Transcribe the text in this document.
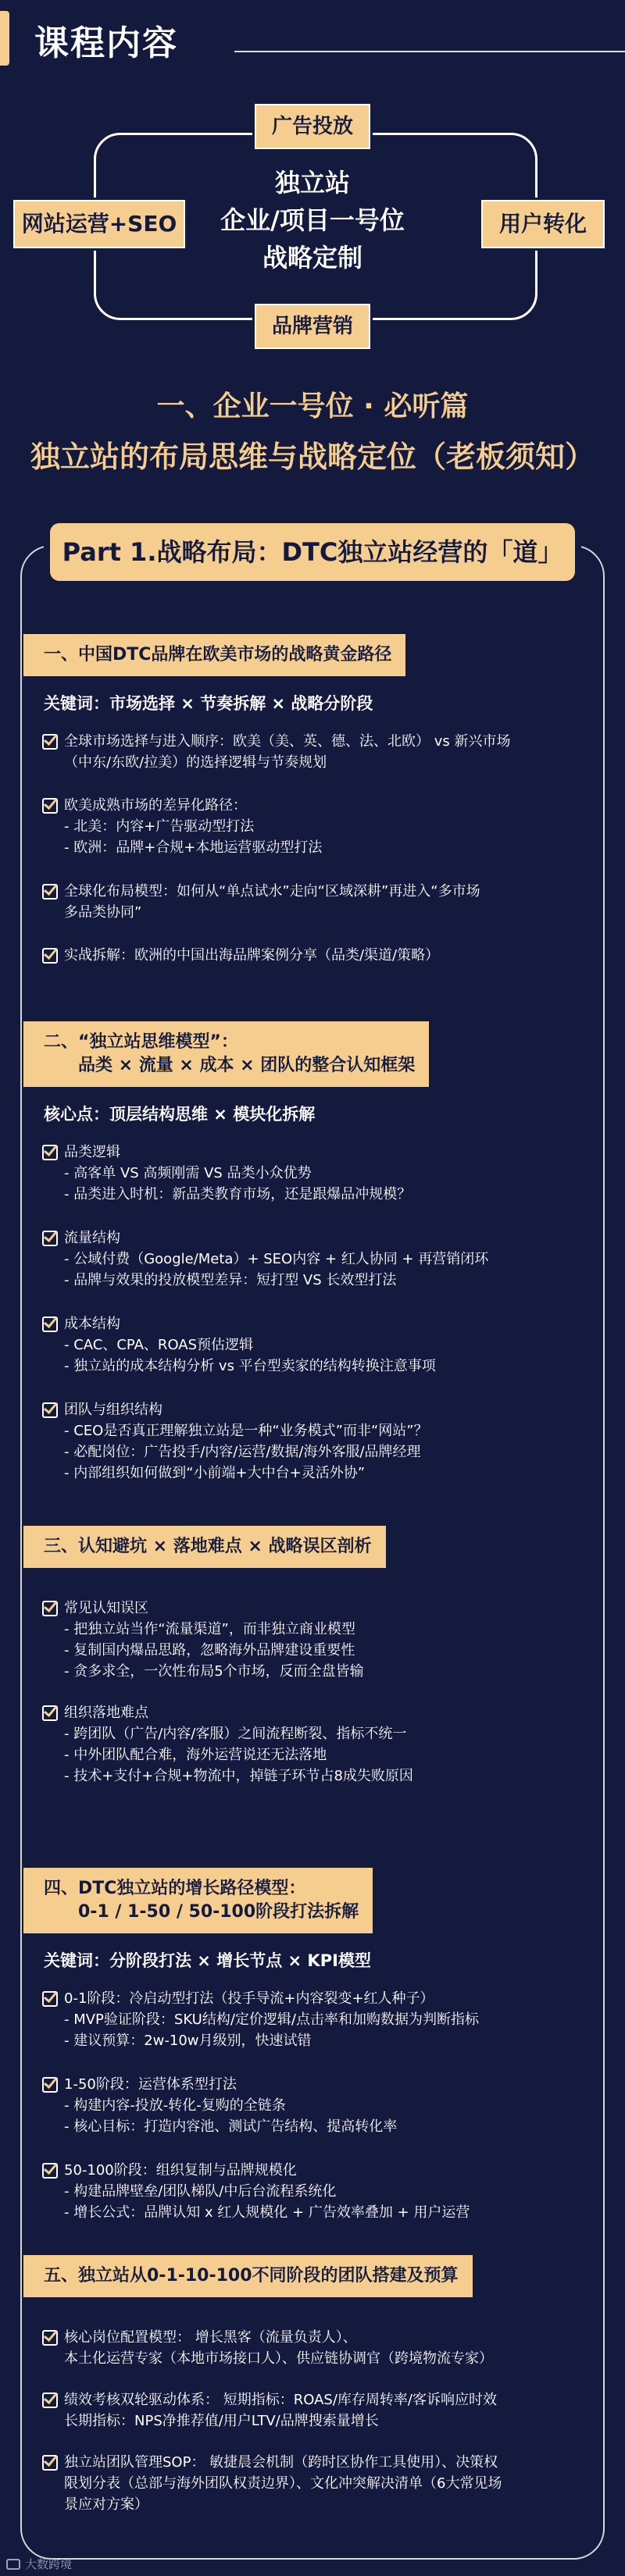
课程内容
广告投放
品牌营销
网站运营+SEO	用户转化
独立站
企业/项目一号位
战略定制
一、企业一号位 · 必听篇
独立站的布局思维与战略定位（老板须知）
Part 1.战略布局：DTC独立站经营的「道」
一、中国DTC品牌在欧美市场的战略黄金路径
关键词：市场选择 × 节奏拆解 × 战略分阶段
全球市场选择与进入顺序：欧美（美、英、德、法、北欧） vs 新兴市场
（中东/东欧/拉美）的选择逻辑与节奏规划
欧美成熟市场的差异化路径：
- 北美：内容+广告驱动型打法
- 欧洲：品牌+合规+本地运营驱动型打法
全球化布局模型：如何从“单点试水”走向“区域深耕”再进入“多市场
多品类协同”
实战拆解：欧洲的中国出海品牌案例分享（品类/渠道/策略）
二、“独立站思维模型”：
品类 × 流量 × 成本 × 团队的整合认知框架
核心点：顶层结构思维 × 模块化拆解
品类逻辑
- 高客单 VS 高频刚需 VS 品类小众优势
- 品类进入时机：新品类教育市场，还是跟爆品冲规模？
流量结构
- 公域付费（Google/Meta）+ SEO内容 + 红人协同 + 再营销闭环
- 品牌与效果的投放模型差异：短打型 VS 长效型打法
成本结构
- CAC、CPA、ROAS预估逻辑
- 独立站的成本结构分析 vs 平台型卖家的结构转换注意事项
团队与组织结构
- CEO是否真正理解独立站是一种“业务模式”而非“网站”？
- 必配岗位：广告投手/内容/运营/数据/海外客服/品牌经理
- 内部组织如何做到“小前端+大中台+灵活外协”
三、认知避坑 × 落地难点 × 战略误区剖析
常见认知误区
- 把独立站当作“流量渠道”，而非独立商业模型
- 复制国内爆品思路，忽略海外品牌建设重要性
- 贪多求全，一次性布局5个市场，反而全盘皆输
组织落地难点
- 跨团队（广告/内容/客服）之间流程断裂、指标不统一
- 中外团队配合难，海外运营说还无法落地
- 技术+支付+合规+物流中，掉链子环节占8成失败原因
四、DTC独立站的增长路径模型：
0-1 / 1-50 / 50-100阶段打法拆解
关键词：分阶段打法 × 增长节点 × KPI模型
0-1阶段：冷启动型打法（投手导流+内容裂变+红人种子）
- MVP验证阶段：SKU结构/定价逻辑/点击率和加购数据为判断指标
- 建议预算：2w-10w月级别，快速试错
1-50阶段：运营体系型打法
- 构建内容-投放-转化-复购的全链条
- 核心目标：打造内容池、测试广告结构、提高转化率
50-100阶段：组织复制与品牌规模化
- 构建品牌壁垒/团队梯队/中后台流程系统化
- 增长公式：品牌认知 x 红人规模化 + 广告效率叠加 + 用户运营
五、独立站从0-1-10-100不同阶段的团队搭建及预算
核心岗位配置模型： 增长黑客（流量负责人）、
本土化运营专家（本地市场接口人）、供应链协调官（跨境物流专家）
绩效考核双轮驱动体系： 短期指标：ROAS/库存周转率/客诉响应时效
长期指标：NPS净推荐值/用户LTV/品牌搜索量增长
独立站团队管理SOP： 敏捷晨会机制（跨时区协作工具使用）、决策权
限划分表（总部与海外团队权责边界）、文化冲突解决清单（6大常见场
景应对方案）
大数跨境
